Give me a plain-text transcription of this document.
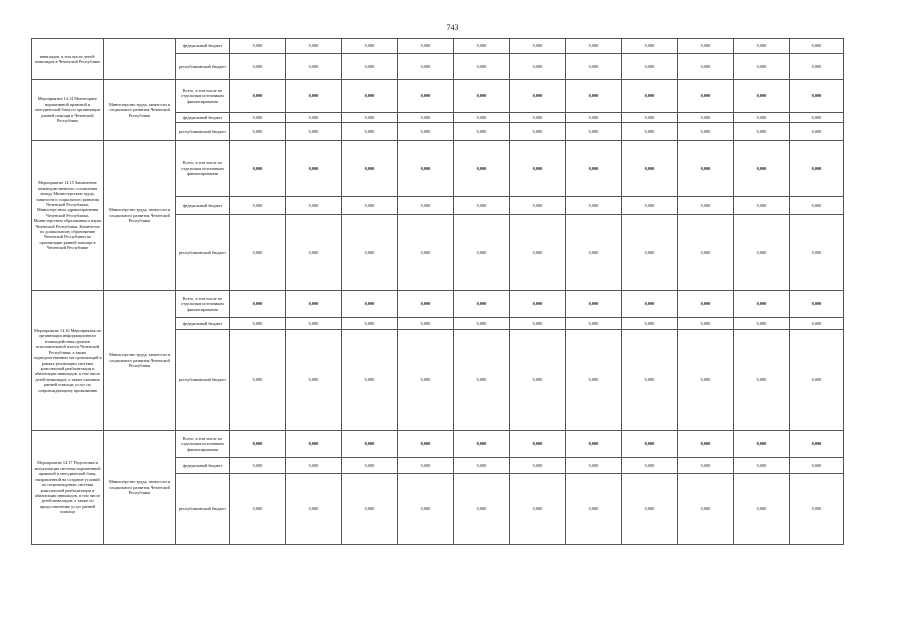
743
инвалидов, в том числе детей-инвалидов в Чеченской Республике		федеральный бюджет	0,000	0,000	0,000	0,000	0,000	0,000	0,000	0,000	0,000	0,000	0,000
		республиканский бюджет	0,000	0,000	0,000	0,000	0,000	0,000	0,000	0,000	0,000	0,000	0,000
Мероприятие 14.14 Мониторинг нормативной правовой и методической базы по организации ранней помощи в Чеченской Республике	Министерство труда, занятости и социального развития Чеченской Республики	Всего, в том числе по отдельным источникам финансирования	0,000	0,000	0,000	0,000	0,000	0,000	0,000	0,000	0,000	0,000	0,000
		федеральный бюджет	0,000	0,000	0,000	0,000	0,000	0,000	0,000	0,000	0,000	0,000	0,000
		республиканский бюджет	0,000	0,000	0,000	0,000	0,000	0,000	0,000	0,000	0,000	0,000	0,000
Мероприятие 14.15 Заключение межведомственного соглашения между Министерством труда, занятости и социального развития Чеченской Республики, Министерством здравоохранения Чеченской Республики, Министерством образования и науки Чеченской Республики, Комитетом по дошкольному образованию Чеченской Республики по организации ранней помощи в Чеченской Республике	Министерство труда, занятости и социального развития Чеченской Республики	Всего, в том числе по отдельным источникам финансирования	0,000	0,000	0,000	0,000	0,000	0,000	0,000	0,000	0,000	0,000	0,000
		федеральный бюджет	0,000	0,000	0,000	0,000	0,000	0,000	0,000	0,000	0,000	0,000	0,000
		республиканский бюджет	0,000	0,000	0,000	0,000	0,000	0,000	0,000	0,000	0,000	0,000	0,000
Мероприятие 14.16 Мероприятия по организации информационного взаимодействия органов исполнительной власти Чеченской Республики, а также подведомственных им организаций в рамках реализации системы комплексной реабилитации и абилитации инвалидов, в том числе детей-инвалидов, а также оказания ранней помощи, услуг по сопровождающему проживанию	Министерство труда, занятости и социального развития Чеченской Республики	Всего, в том числе по отдельным источникам финансирования	0,000	0,000	0,000	0,000	0,000	0,000	0,000	0,000	0,000	0,000	0,000
		федеральный бюджет	0,000	0,000	0,000	0,000	0,000	0,000	0,000	0,000	0,000	0,000	0,000
		республиканский бюджет	0,000	0,000	0,000	0,000	0,000	0,000	0,000	0,000	0,000	0,000	0,000
Мероприятие 14.17 Подготовка и актуализация системы нормативной правовой и методической базы, направленной на создание условий по сопровождению системы комплексной реабилитации и абилитации инвалидов, в том числе детей-инвалидов, а также по предоставлению услуг ранней помощи	Министерство труда, занятости и социального развития Чеченской Республики	Всего, в том числе по отдельным источникам финансирования	0,000	0,000	0,000	0,000	0,000	0,000	0,000	0,000	0,000	0,000	0,000
		федеральный бюджет	0,000	0,000	0,000	0,000	0,000	0,000	0,000	0,000	0,000	0,000	0,000
		республиканский бюджет	0,000	0,000	0,000	0,000	0,000	0,000	0,000	0,000	0,000	0,000	0,000
